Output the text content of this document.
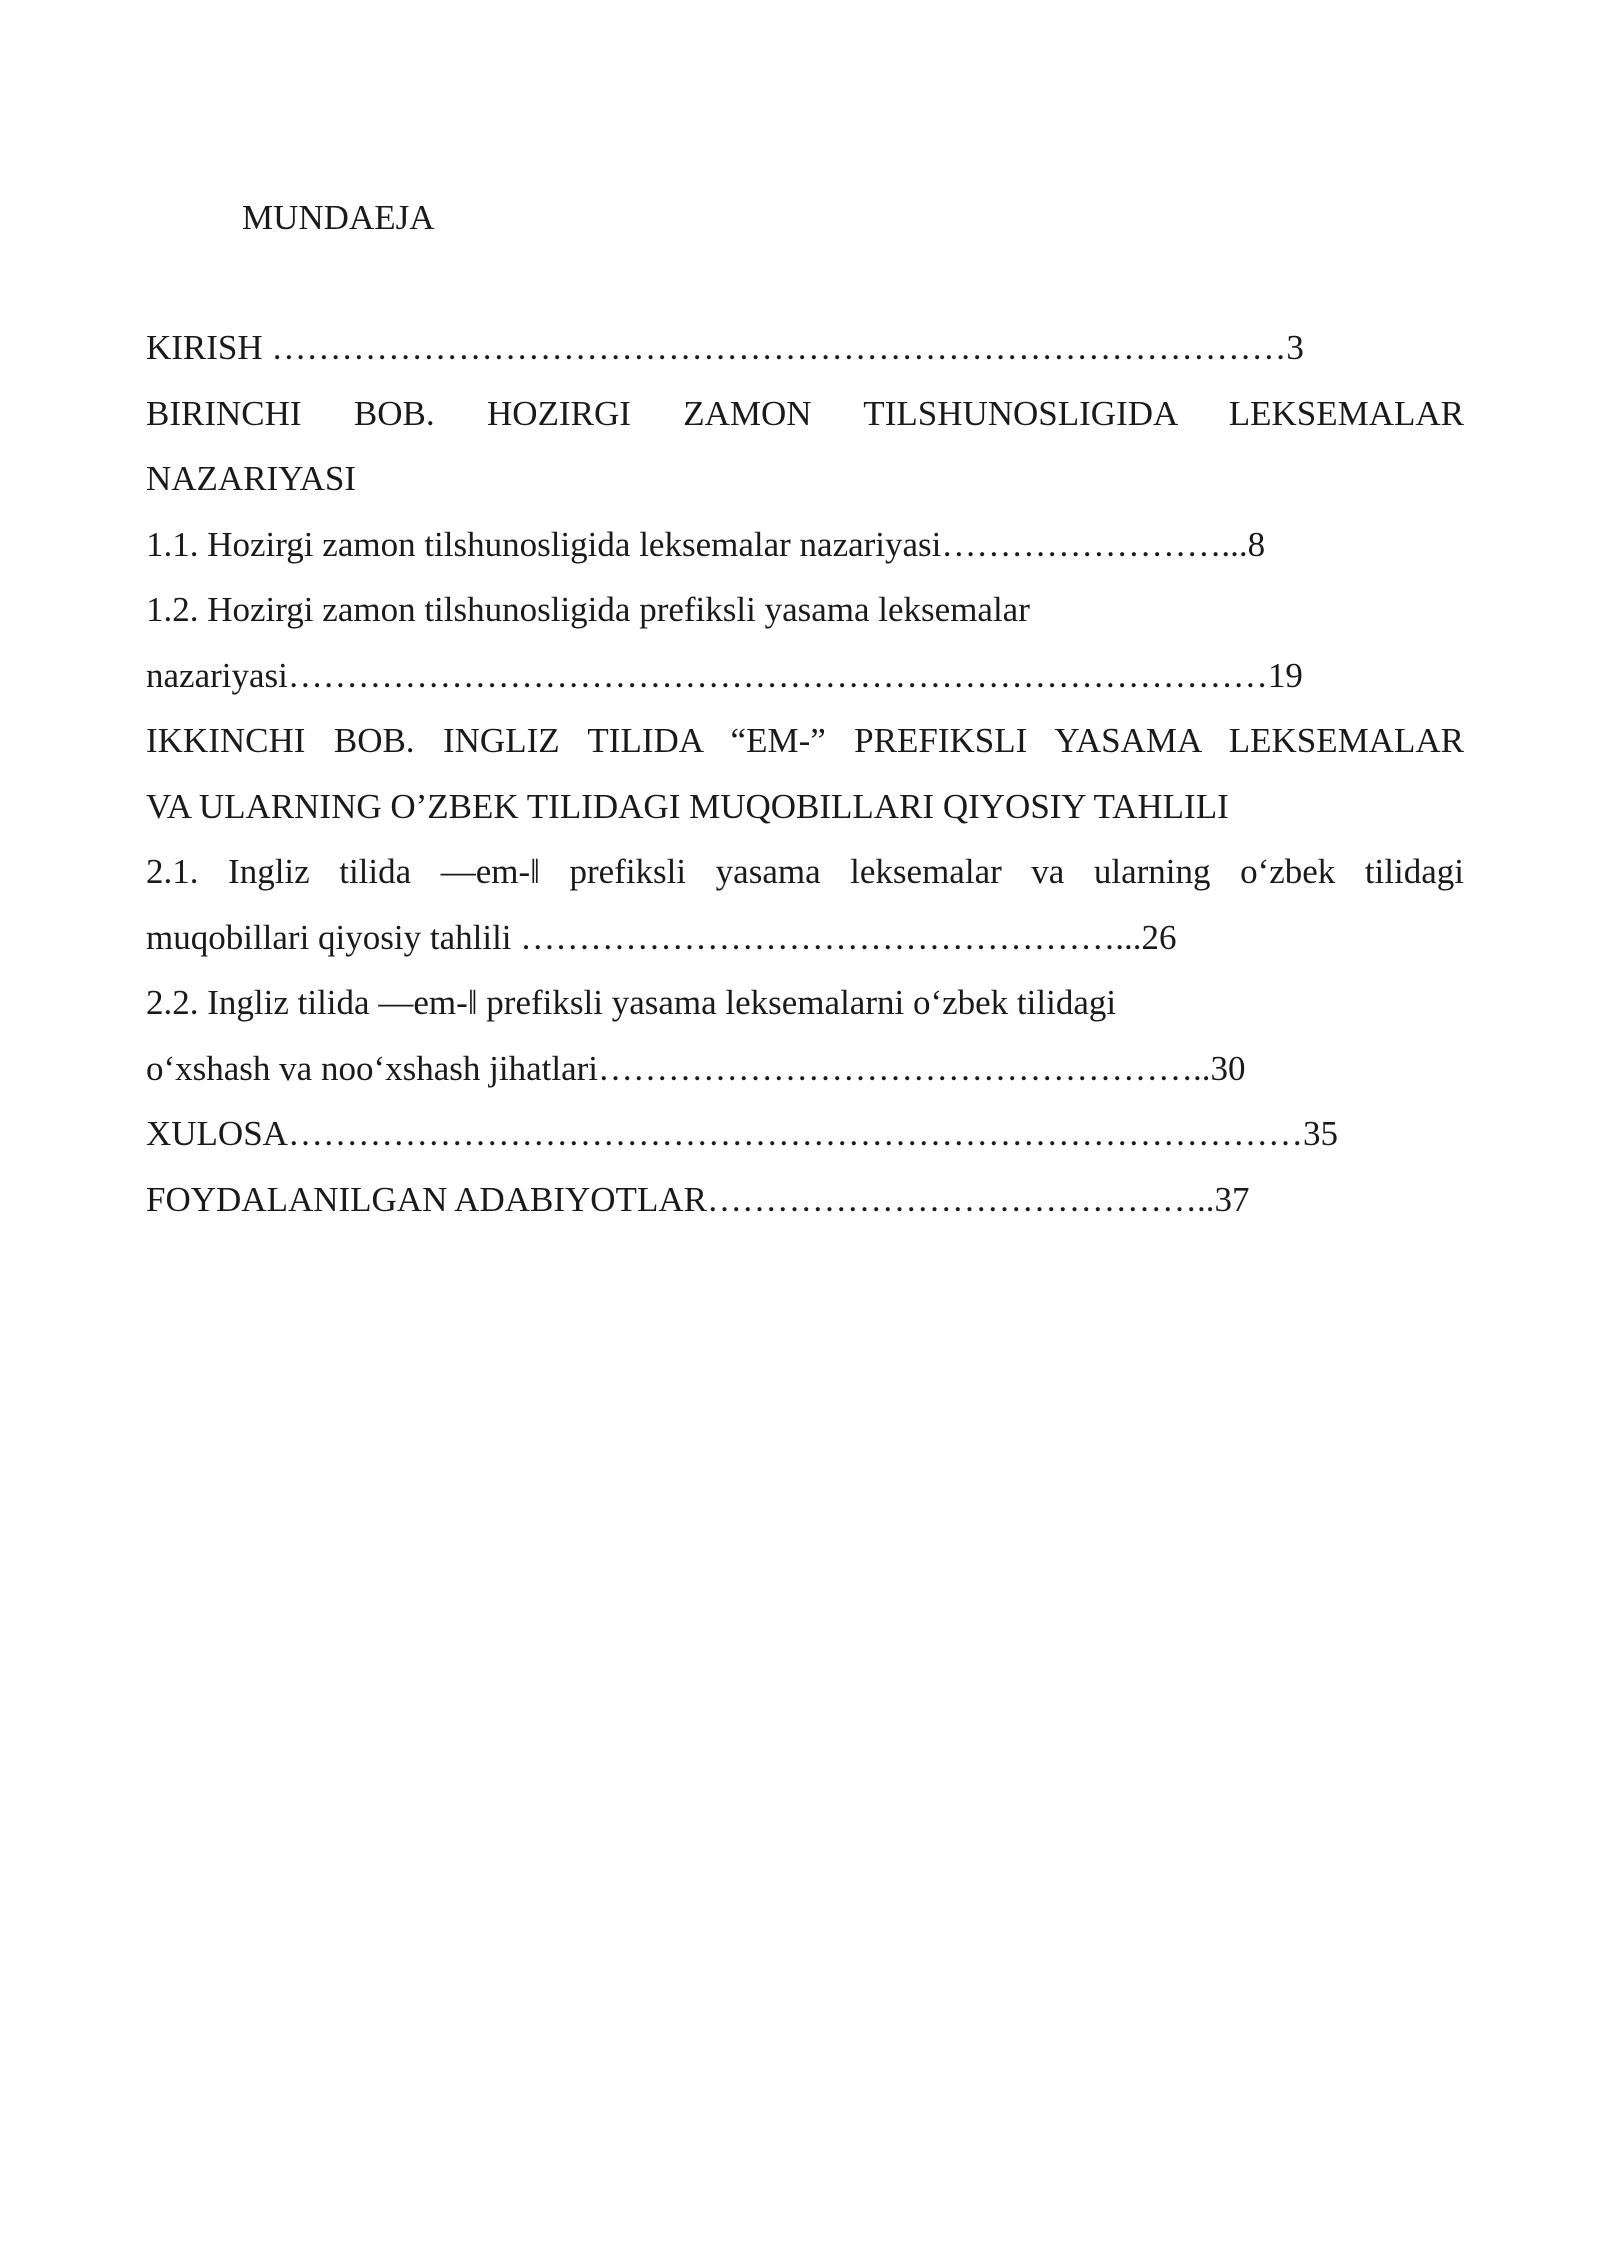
MUNDAEJA
KIRISH ……………………………………………………………………………3
BIRINCHI BOB. HOZIRGI ZAMON TILSHUNOSLIGIDA LEKSEMALAR
NAZARIYASI
1.1. Hozirgi zamon tilshunosligida leksemalar nazariyasi……………………...8
1.2. Hozirgi zamon tilshunosligida prefiksli yasama leksemalar
nazariyasi…………………………………………………………………………19
IKKINCHI BOB. INGLIZ TILIDA “EM-” PREFIKSLI YASAMA LEKSEMALAR
VA ULARNING O’ZBEK TILIDAGI MUQOBILLARI QIYOSIY TAHLILI
2.1. Ingliz tilida ―em-‖ prefiksli yasama leksemalar va ularning o‘zbek tilidagi
muqobillari qiyosiy tahlili ……………………………………………...26
2.2. Ingliz tilida ―em-‖ prefiksli yasama leksemalarni o‘zbek tilidagi
o‘xshash va noo‘xshash jihatlari……………………………………………..30
XULOSA……………………………………………………………………………35
FOYDALANILGAN ADABIYOTLAR……………………………………..37
